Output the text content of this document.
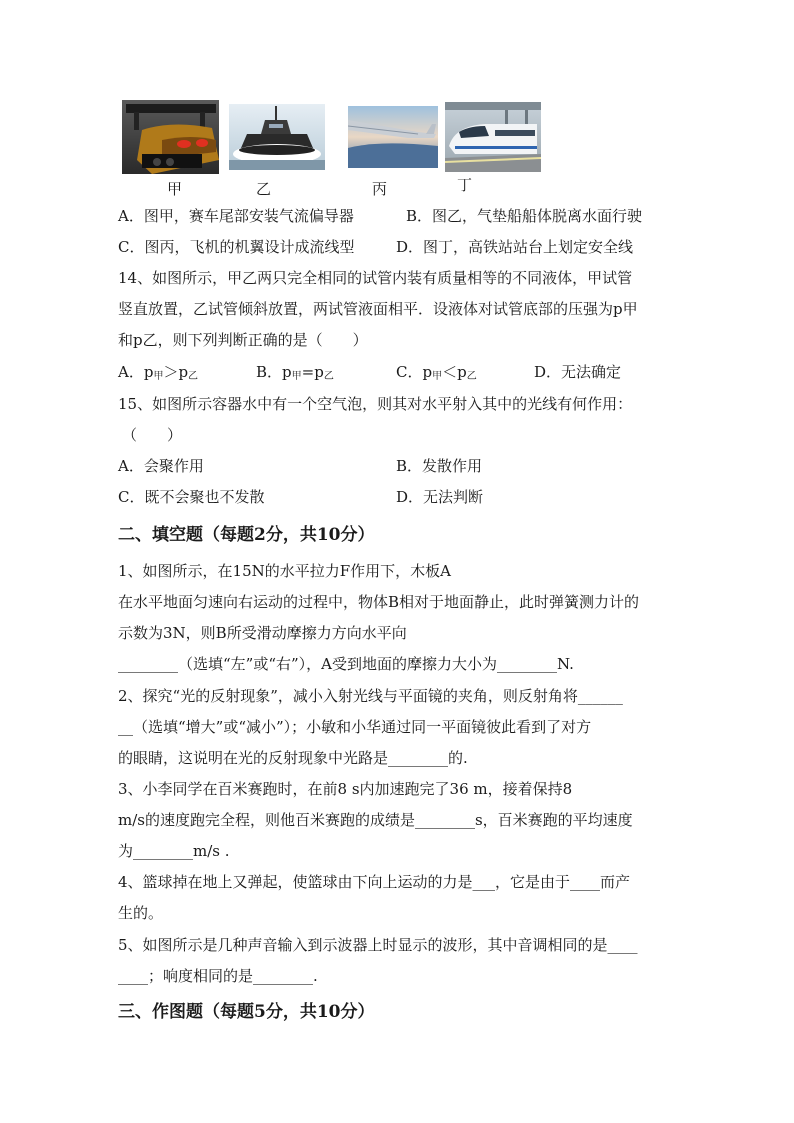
甲	乙	丙	丁
A．图甲，赛车尾部安装气流偏导器	B．图乙，气垫船船体脱离水面行驶
C．图丙，飞机的机翼设计成流线型	D．图丁，高铁站站台上划定安全线
14、如图所示，甲乙两只完全相同的试管内装有质量相等的不同液体，甲试管
竖直放置，乙试管倾斜放置，两试管液面相平．设液体对试管底部的压强为p甲
和p乙，则下列判断正确的是（　　）
A．$p_甲>p_乙$	B．$p_甲=p_乙$	C．$p_甲<p_乙$	D．无法确定
15、如图所示容器水中有一个空气泡，则其对水平射入其中的光线有何作用：
（　　）
A．会聚作用	B．发散作用
C．既不会聚也不发散	D．无法判断
二、填空题（每题2分，共10分）
1、如图所示，在15N的水平拉力F作用下，木板A
在水平地面匀速向右运动的过程中，物体B相对于地面静止，此时弹簧测力计的
示数为3N，则B所受滑动摩擦力方向水平向
________（选填“左”或“右”），A受到地面的摩擦力大小为________N.
2、探究“光的反射现象”，减小入射光线与平面镜的夹角，则反射角将______
__（选填“增大”或“减小”）；小敏和小华通过同一平面镜彼此看到了对方
的眼睛，这说明在光的反射现象中光路是________的.
3、小李同学在百米赛跑时，在前8 s内加速跑完了36 m，接着保持8
m/s的速度跑完全程，则他百米赛跑的成绩是________s，百米赛跑的平均速度
为________m/s .
4、篮球掉在地上又弹起，使篮球由下向上运动的力是___，它是由于____而产
生的。
5、如图所示是几种声音输入到示波器上时显示的波形，其中音调相同的是____
____；响度相同的是________.
三、作图题（每题5分，共10分）
